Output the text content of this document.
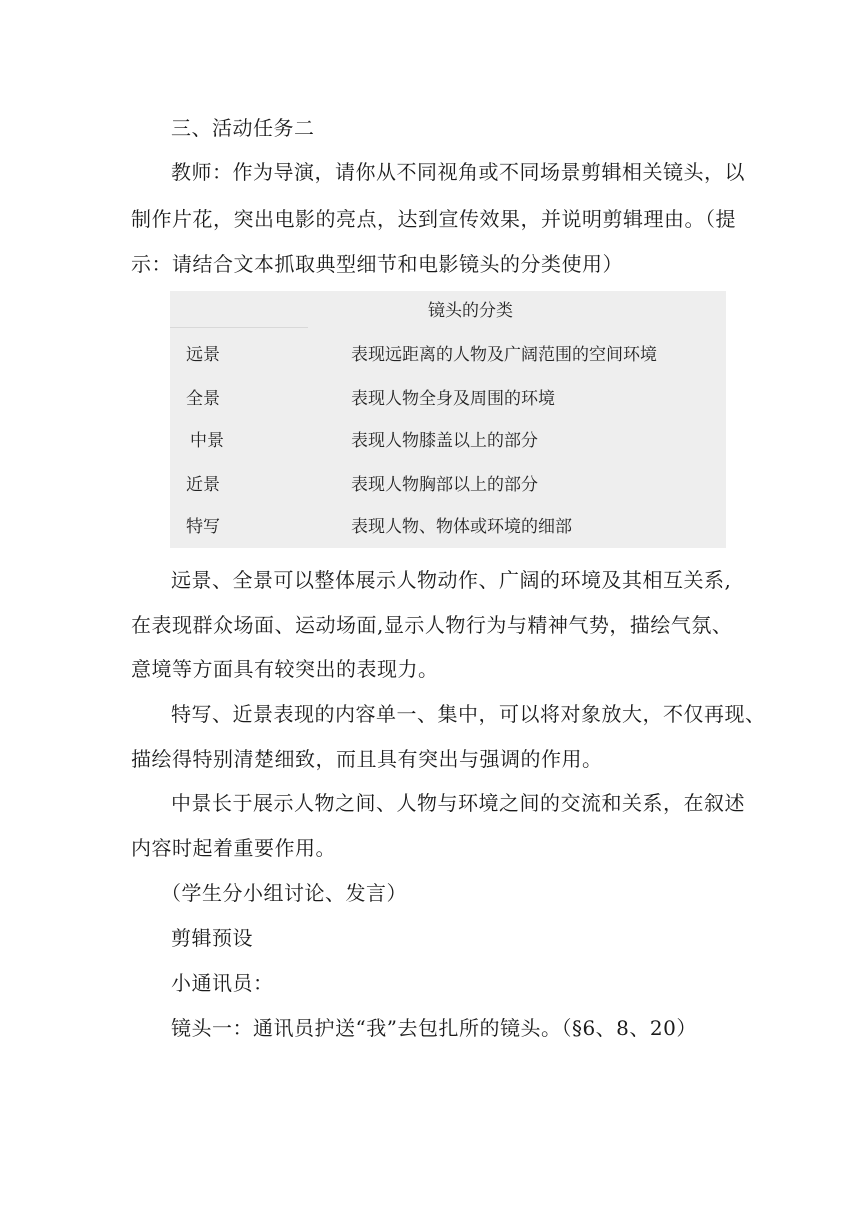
三、活动任务二
教师：作为导演，请你从不同视角或不同场景剪辑相关镜头，以
制作片花，突出电影的亮点，达到宣传效果，并说明剪辑理由。（提
示：请结合文本抓取典型细节和电影镜头的分类使用）
镜头的分类
远景	表现远距离的人物及广阔范围的空间环境
全景	表现人物全身及周围的环境
中景	表现人物膝盖以上的部分
近景	表现人物胸部以上的部分
特写	表现人物、物体或环境的细部
远景、全景可以整体展示人物动作、广阔的环境及其相互关系,
在表现群众场面、运动场面,显示人物行为与精神气势，描绘气氛、
意境等方面具有较突出的表现力。
特写、近景表现的内容单一、集中，可以将对象放大，不仅再现、
描绘得特别清楚细致，而且具有突出与强调的作用。
中景长于展示人物之间、人物与环境之间的交流和关系，在叙述
内容时起着重要作用。
（学生分小组讨论、发言）
剪辑预设
小通讯员：
镜头一：通讯员护送“我”去包扎所的镜头。（§6、8、20）
